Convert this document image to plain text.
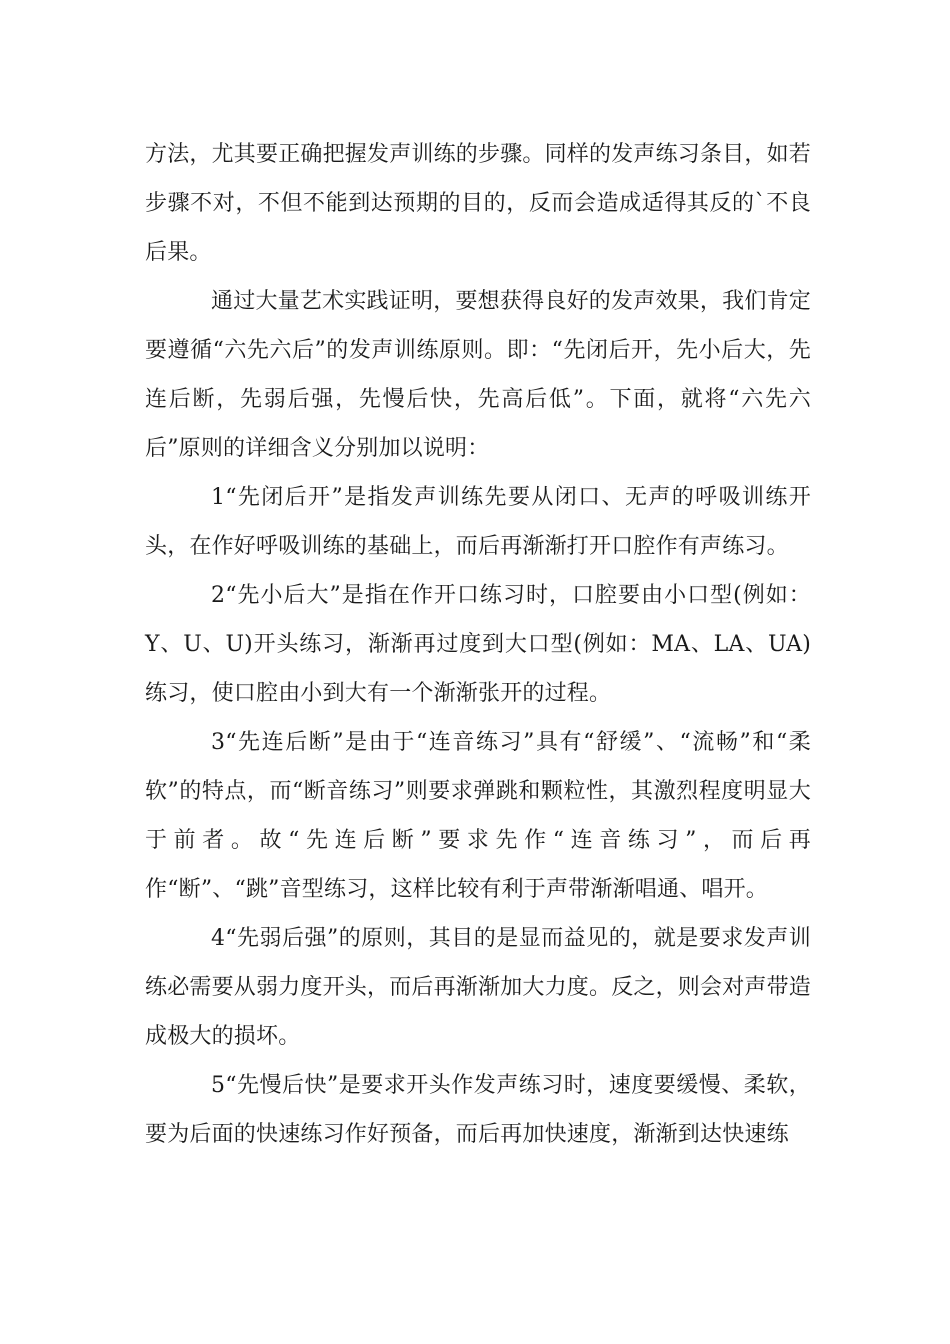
方法，尤其要正确把握发声训练的步骤。同样的发声练习条目，如若步骤不对，不但不能到达预期的目的，反而会造成适得其反的`不良后果。

通过大量艺术实践证明，要想获得良好的发声效果，我们肯定要遵循“六先六后”的发声训练原则。即：“先闭后开，先小后大，先连后断，先弱后强，先慢后快，先高后低”。下面，就将“六先六后”原则的详细含义分别加以说明：

1“先闭后开”是指发声训练先要从闭口、无声的呼吸训练开头，在作好呼吸训练的基础上，而后再渐渐打开口腔作有声练习。

2“先小后大”是指在作开口练习时，口腔要由小口型(例如：Y、U、U)开头练习，渐渐再过度到大口型(例如：MA、LA、UA)练习，使口腔由小到大有一个渐渐张开的过程。

3“先连后断”是由于“连音练习”具有“舒缓”、“流畅”和“柔软”的特点，而“断音练习”则要求弹跳和颗粒性，其激烈程度明显大于前者。故“先连后断”要求先作“连音练习”，而后再作“断”、“跳”音型练习，这样比较有利于声带渐渐唱通、唱开。

4“先弱后强”的原则，其目的是显而益见的，就是要求发声训练必需要从弱力度开头，而后再渐渐加大力度。反之，则会对声带造成极大的损坏。

5“先慢后快”是要求开头作发声练习时，速度要缓慢、柔软，要为后面的快速练习作好预备，而后再加快速度，渐渐到达快速练
